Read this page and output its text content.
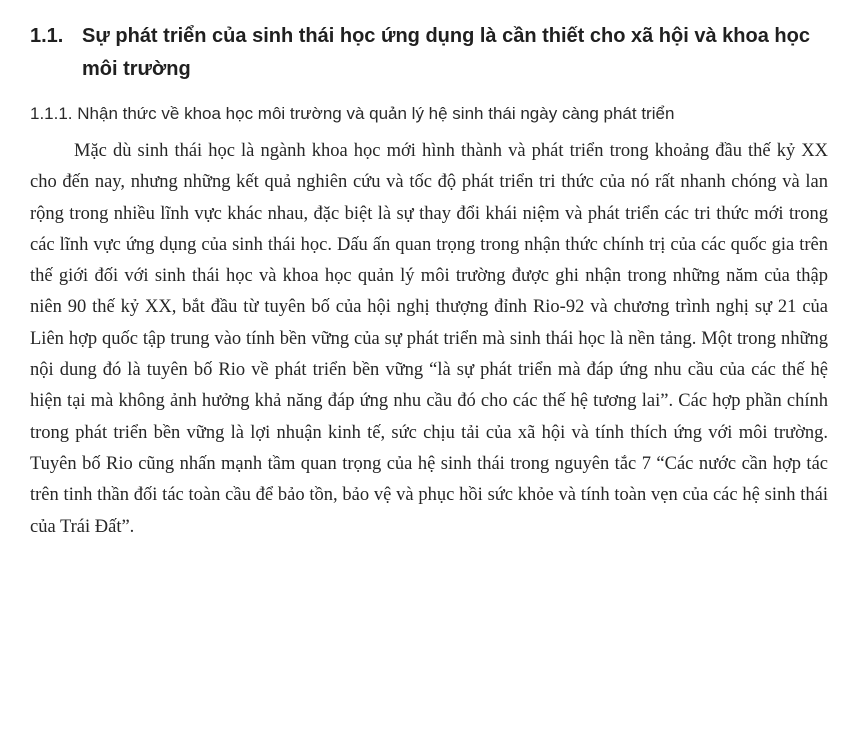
1.1. Sự phát triển của sinh thái học ứng dụng là cần thiết cho xã hội và khoa học môi trường
1.1.1. Nhận thức về khoa học môi trường và quản lý hệ sinh thái ngày càng phát triển

Mặc dù sinh thái học là ngành khoa học mới hình thành và phát triển trong khoảng đầu thế kỷ XX cho đến nay, nhưng những kết quả nghiên cứu và tốc độ phát triển tri thức của nó rất nhanh chóng và lan rộng trong nhiều lĩnh vực khác nhau, đặc biệt là sự thay đổi khái niệm và phát triển các tri thức mới trong các lĩnh vực ứng dụng của sinh thái học. Dấu ấn quan trọng trong nhận thức chính trị của các quốc gia trên thế giới đối với sinh thái học và khoa học quản lý môi trường được ghi nhận trong những năm của thập niên 90 thế kỷ XX, bắt đầu từ tuyên bố của hội nghị thượng đỉnh Rio-92 và chương trình nghị sự 21 của Liên hợp quốc tập trung vào tính bền vững của sự phát triển mà sinh thái học là nền tảng. Một trong những nội dung đó là tuyên bố Rio về phát triển bền vững “là sự phát triển mà đáp ứng nhu cầu của các thế hệ hiện tại mà không ảnh hưởng khả năng đáp ứng nhu cầu đó cho các thế hệ tương lai”. Các hợp phần chính trong phát triển bền vững là lợi nhuận kinh tế, sức chịu tải của xã hội và tính thích ứng với môi trường. Tuyên bố Rio cũng nhấn mạnh tầm quan trọng của hệ sinh thái trong nguyên tắc 7 “Các nước cần hợp tác trên tinh thần đối tác toàn cầu để bảo tồn, bảo vệ và phục hồi sức khỏe và tính toàn vẹn của các hệ sinh thái của Trái Đất”.
